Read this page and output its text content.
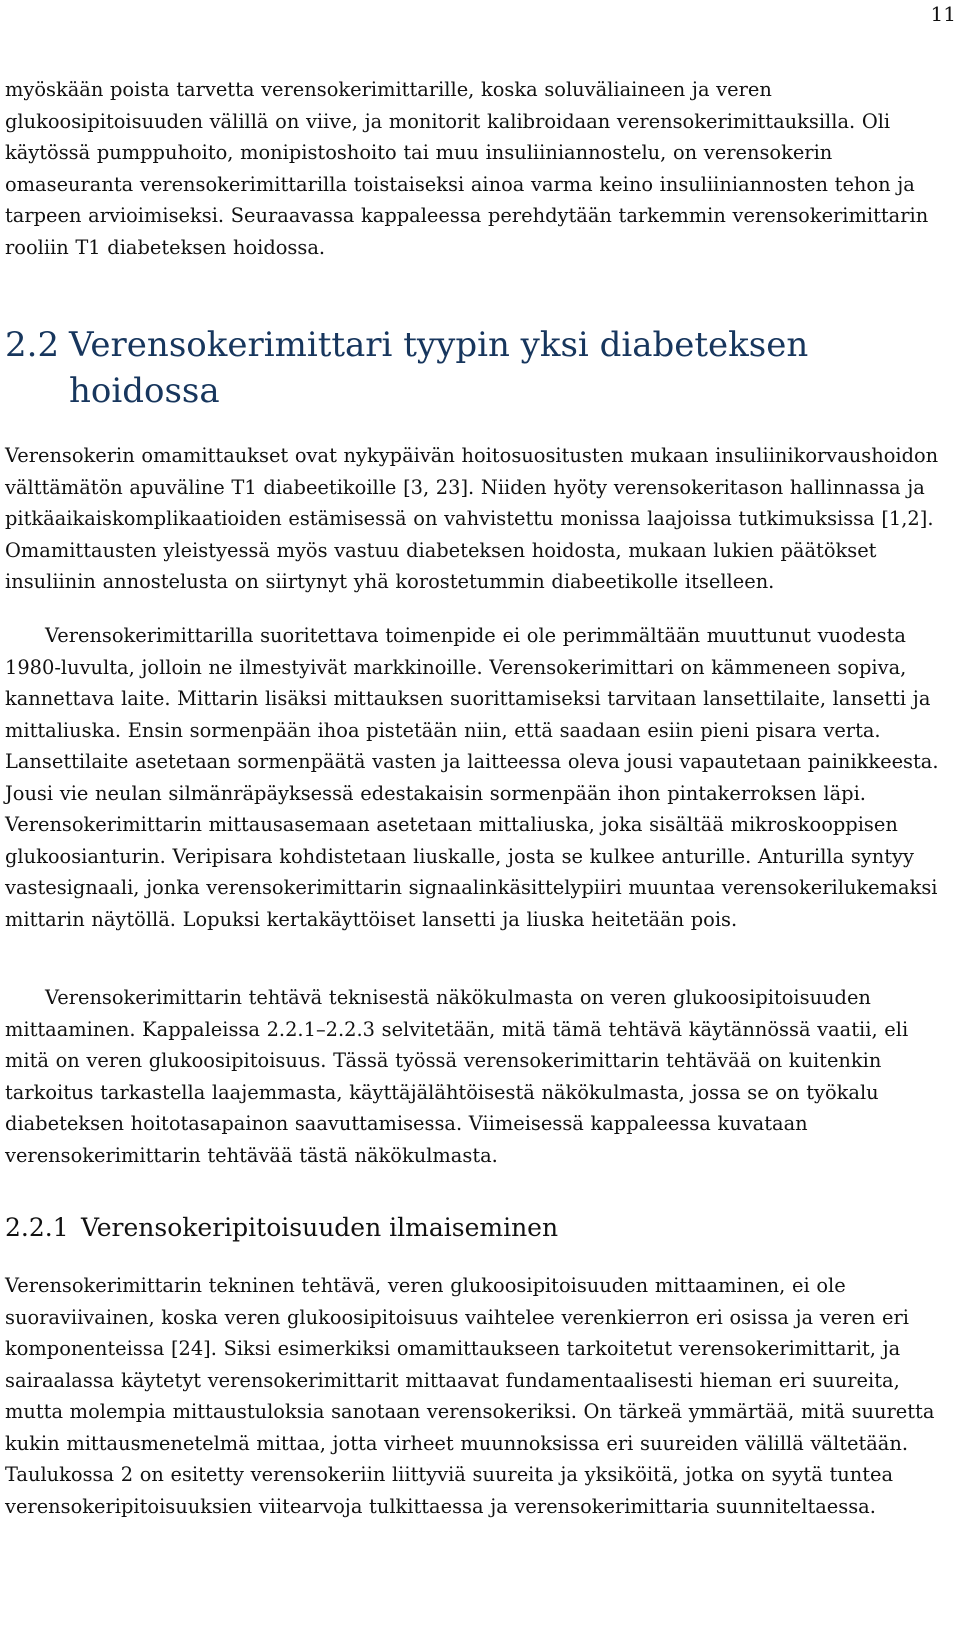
11

myöskään poista tarvetta verensokerimittarille, koska soluväliaineen ja veren glukoosipitoisuuden välillä on viive, ja monitorit kalibroidaan verensokerimittauksilla. Oli käytössä pumppuhoito, monipistoshoito tai muu insuliiniannostelu, on verensokerin omaseuranta verensokerimittarilla toistaiseksi ainoa varma keino insuliiniannosten tehon ja tarpeen arvioimiseksi. Seuraavassa kappaleessa perehdytään tarkemmin verensokerimittarin rooliin T1 diabeteksen hoidossa.

2.2 Verensokerimittari tyypin yksi diabeteksen hoidossa

Verensokerin omamittaukset ovat nykypäivän hoitosuositusten mukaan insuliinikorvaushoidon välttämätön apuväline T1 diabeetikoille [3, 23]. Niiden hyöty verensokeritason hallinnassa ja pitkäaikaiskomplikaatioiden estämisessä on vahvistettu monissa laajoissa tutkimuksissa [1,2]. Omamittausten yleistyessä myös vastuu diabeteksen hoidosta, mukaan lukien päätökset insuliinin annostelusta on siirtynyt yhä korostetummin diabeetikolle itselleen.

Verensokerimittarilla suoritettava toimenpide ei ole perimmältään muuttunut vuodesta 1980-luvulta, jolloin ne ilmestyivät markkinoille. Verensokerimittari on kämmeneen sopiva, kannettava laite. Mittarin lisäksi mittauksen suorittamiseksi tarvitaan lansettilaite, lansetti ja mittaliuska. Ensin sormenpään ihoa pistetään niin, että saadaan esiin pieni pisara verta. Lansettilaite asetetaan sormenpäätä vasten ja laitteessa oleva jousi vapautetaan painikkeesta. Jousi vie neulan silmänräpäyksessä edestakaisin sormenpään ihon pintakerroksen läpi. Verensokerimittarin mittausasemaan asetetaan mittaliuska, joka sisältää mikroskooppisen glukoosianturin. Veripisara kohdistetaan liuskalle, josta se kulkee anturille. Anturilla syntyy vastesignaali, jonka verensokerimittarin signaalinkäsittelypiiri muuntaa verensokerilukemaksi mittarin näytöllä. Lopuksi kertakäyttöiset lansetti ja liuska heitetään pois.

Verensokerimittarin tehtävä teknisestä näkökulmasta on veren glukoosipitoisuuden mittaaminen. Kappaleissa 2.2.1–2.2.3 selvitetään, mitä tämä tehtävä käytännössä vaatii, eli mitä on veren glukoosipitoisuus. Tässä työssä verensokerimittarin tehtävää on kuitenkin tarkoitus tarkastella laajemmasta, käyttäjälähtöisestä näkökulmasta, jossa se on työkalu diabeteksen hoitotasapainon saavuttamisessa. Viimeisessä kappaleessa kuvataan verensokerimittarin tehtävää tästä näkökulmasta.

2.2.1 Verensokeripitoisuuden ilmaiseminen

Verensokerimittarin tekninen tehtävä, veren glukoosipitoisuuden mittaaminen, ei ole suoraviivainen, koska veren glukoosipitoisuus vaihtelee verenkierron eri osissa ja veren eri komponenteissa [24]. Siksi esimerkiksi omamittaukseen tarkoitetut verensokerimittarit, ja sairaalassa käytetyt verensokerimittarit mittaavat fundamentaalisesti hieman eri suureita, mutta molempia mittaustuloksia sanotaan verensokeriksi. On tärkeä ymmärtää, mitä suuretta kukin mittausmenetelmä mittaa, jotta virheet muunnoksissa eri suureiden välillä vältetään. Taulukossa 2 on esitetty verensokeriin liittyviä suureita ja yksiköitä, jotka on syytä tuntea verensokeripitoisuuksien viitearvoja tulkittaessa ja verensokerimittaria suunniteltaessa.
